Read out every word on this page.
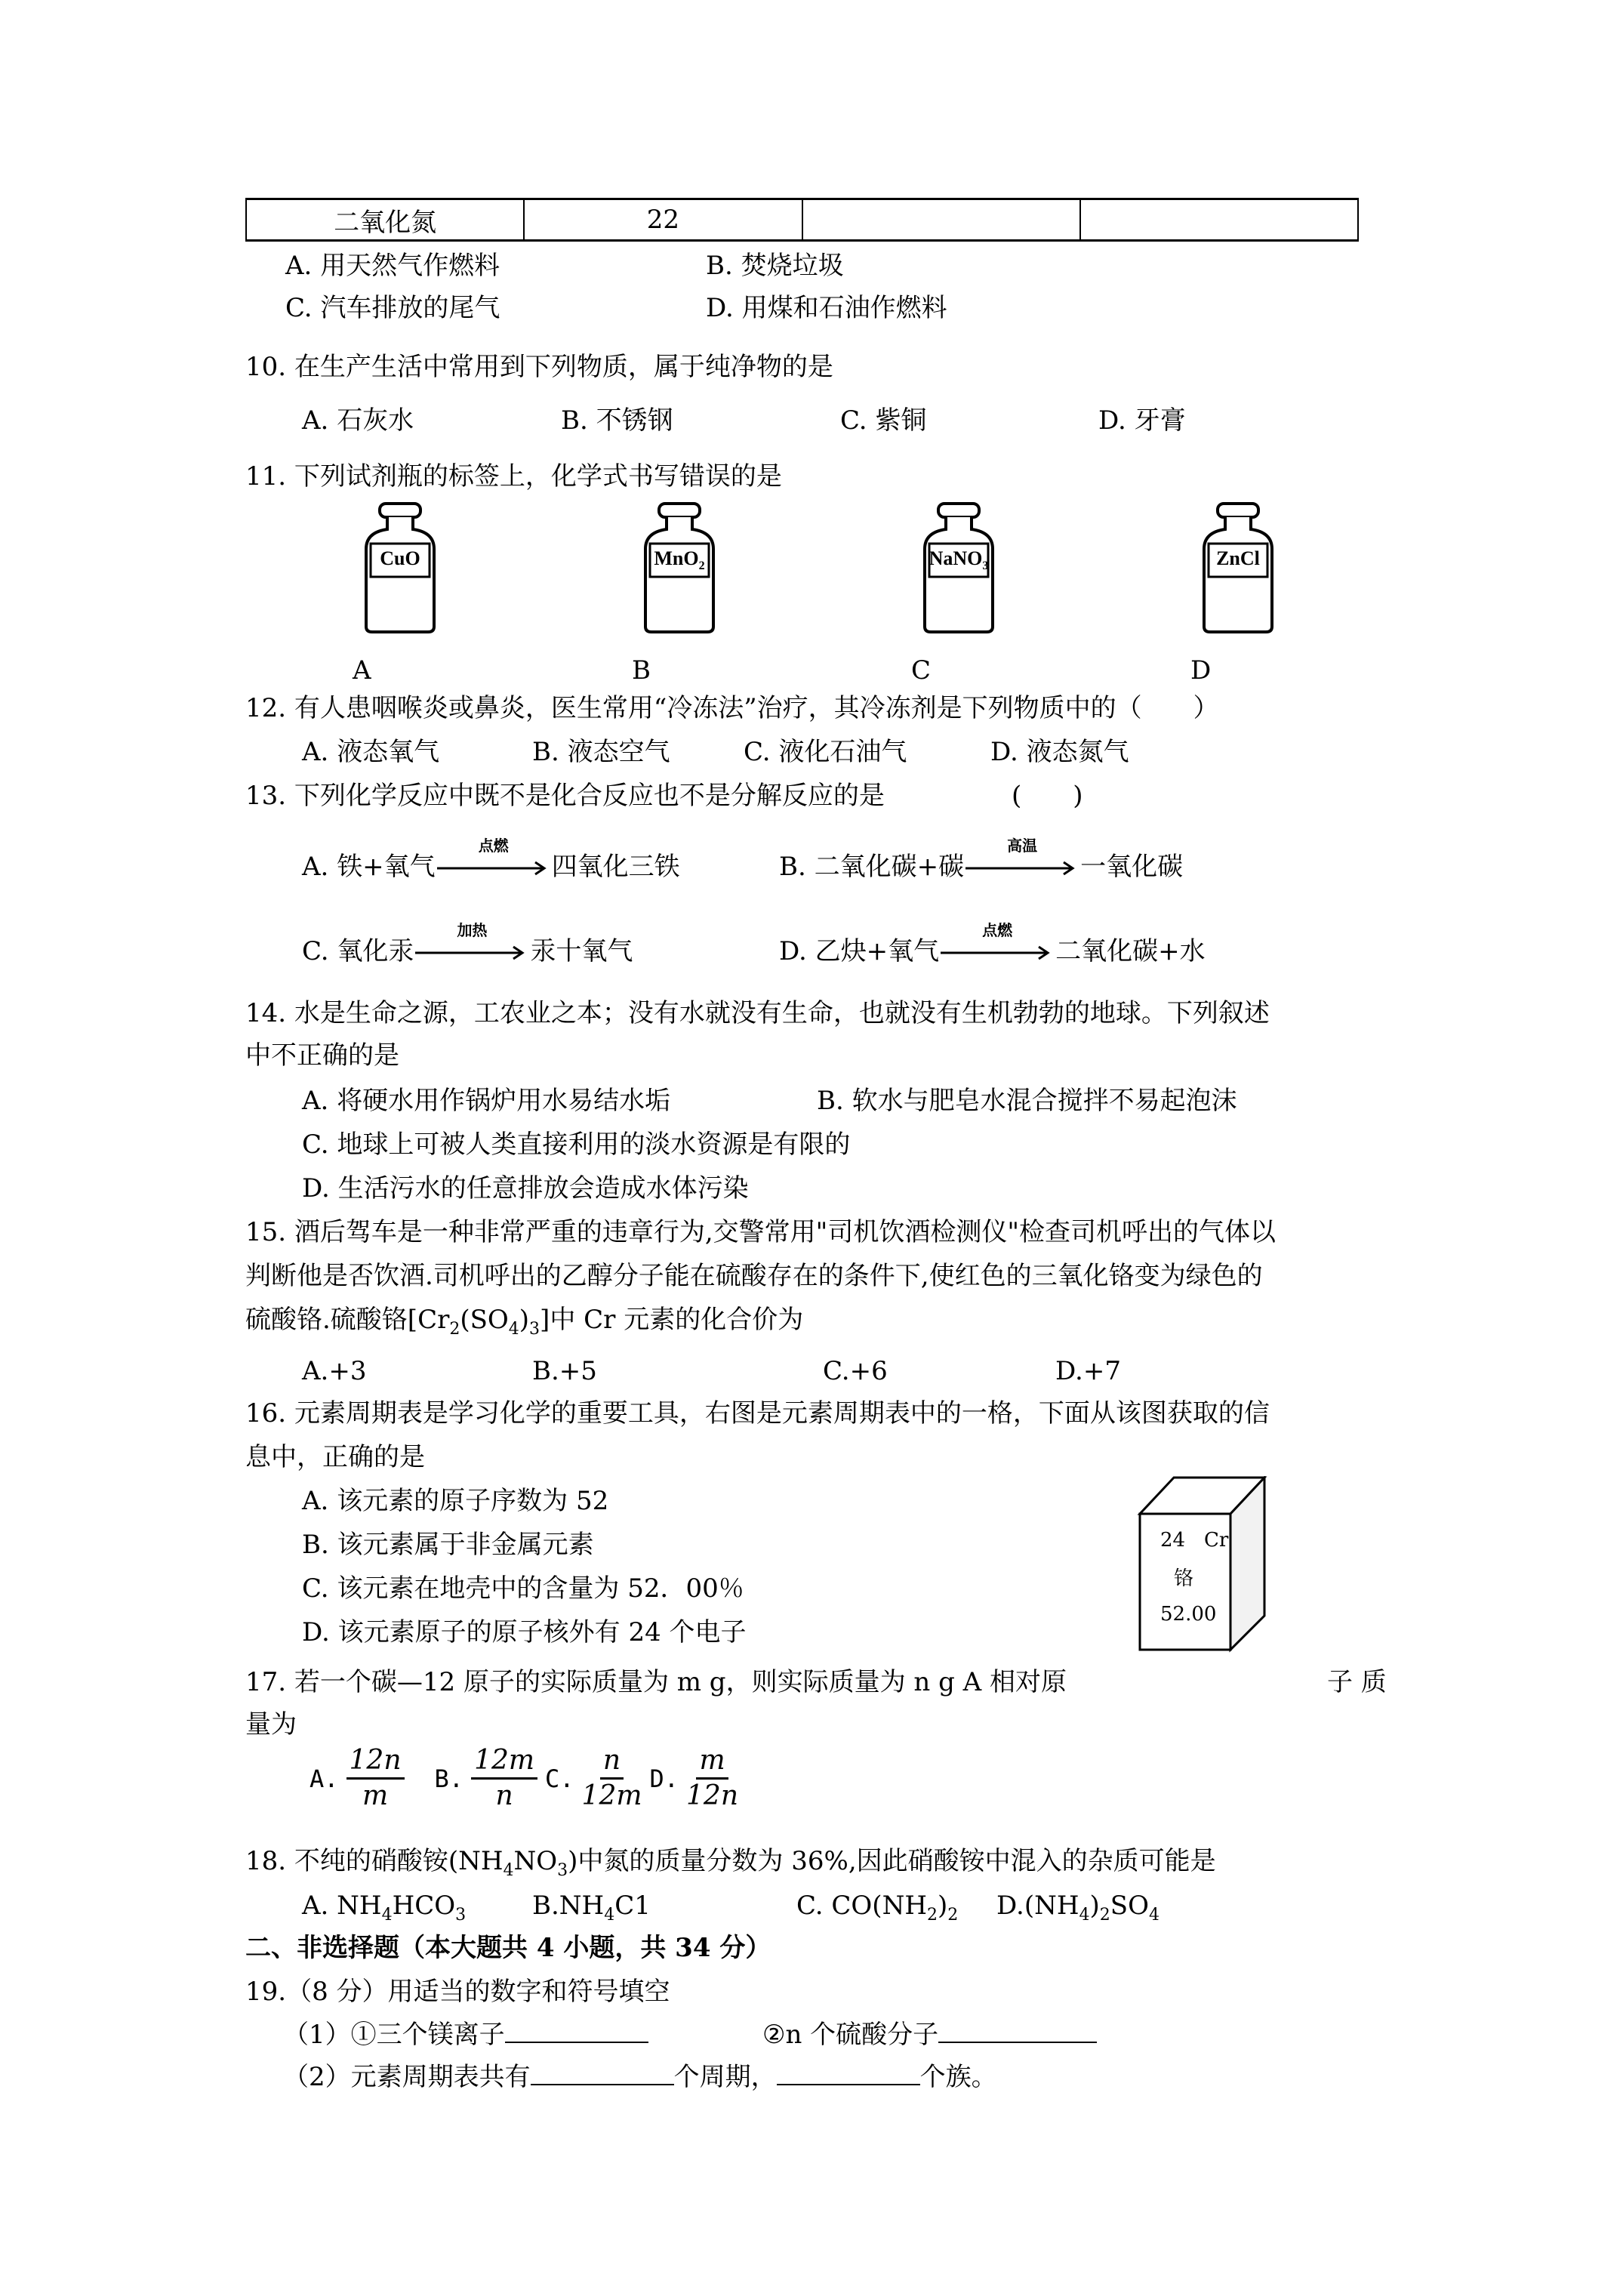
二氧化氮	22
A. 用天然气作燃料	B. 焚烧垃圾
C. 汽车排放的尾气	D. 用煤和石油作燃料
10. 在生产生活中常用到下列物质，属于纯净物的是
A. 石灰水	B. 不锈钢	C. 紫铜	D. 牙膏
11. 下列试剂瓶的标签上，化学式书写错误的是
CuO
A
MnO$_2$
B
NaNO$_3$
C
ZnCl
D
12. 有人患咽喉炎或鼻炎，医生常用“冷冻法”治疗，其冷冻剂是下列物质中的（　　）
A. 液态氧气	B. 液态空气	C. 液化石油气	D. 液态氮气
13. 下列化学反应中既不是化合反应也不是分解反应的是	(　　)
A. 铁+氧气
点燃
四氧化三铁	B. 二氧化碳+碳
高温
一氧化碳
C. 氧化汞
加热
汞十氧气	D. 乙炔+氧气
点燃
二氧化碳+水
14. 水是生命之源，工农业之本；没有水就没有生命，也就没有生机勃勃的地球。下列叙述
中不正确的是
A. 将硬水用作锅炉用水易结水垢	B. 软水与肥皂水混合搅拌不易起泡沫
C. 地球上可被人类直接利用的淡水资源是有限的
D. 生活污水的任意排放会造成水体污染
15. 酒后驾车是一种非常严重的违章行为,交警常用"司机饮酒检测仪"检查司机呼出的气体以
判断他是否饮酒.司机呼出的乙醇分子能在硫酸存在的条件下,使红色的三氧化铬变为绿色的
硫酸铬.硫酸铬$[Cr_2(SO_4)_3]$中 Cr 元素的化合价为
A.+3	B.+5	C.+6	D.+7
16. 元素周期表是学习化学的重要工具，右图是元素周期表中的一格，下面从该图获取的信
息中，正确的是
A. 该元素的原子序数为 52
B. 该元素属于非金属元素
C. 该元素在地壳中的含量为 52．00％
D. 该元素原子的原子核外有 24 个电子
24 Cr
铬
52.00
17. 若一个碳—12 原子的实际质量为 m g，则实际质量为 n g A 相对原	子 质
量为
A. $\frac{12n}{m} B$. $\frac{12m}{n} C$. $\frac{n}{12m} D$. $\frac{m}{12n}$
18. 不纯的硝酸铵$(NH_4NO_3)$中氮的质量分数为 36%,因此硝酸铵中混入的杂质可能是
A. $NH_4HCO_3$	$B.NH_4C1$	C. $CO(NH_2)_2$ $D.(NH_4)_2SO_4$
二、非选择题（本大题共 4 小题，共 34 分）
19.（8 分）用适当的数字和符号填空
（1）①三个镁离子	②n 个硫酸分子
（2）元素周期表共有	个周期，	个族。
